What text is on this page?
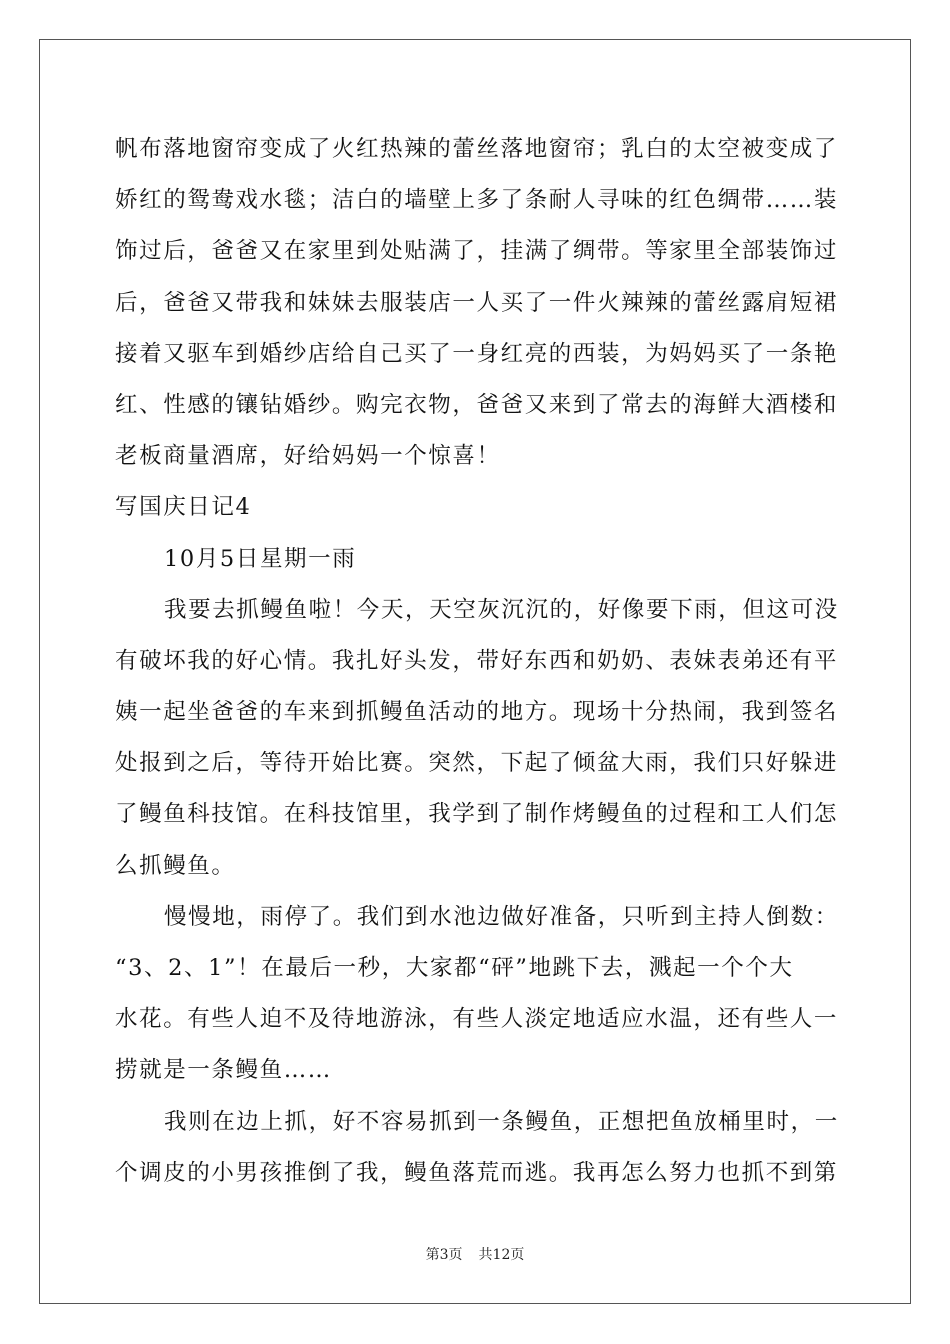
帆布落地窗帘变成了火红热辣的蕾丝落地窗帘；乳白的太空被变成了
娇红的鸳鸯戏水毯；洁白的墙壁上多了条耐人寻味的红色绸带……装
饰过后，爸爸又在家里到处贴满了，挂满了绸带。等家里全部装饰过
后，爸爸又带我和妹妹去服装店一人买了一件火辣辣的蕾丝露肩短裙
接着又驱车到婚纱店给自己买了一身红亮的西装，为妈妈买了一条艳
红、性感的镶钻婚纱。购完衣物，爸爸又来到了常去的海鲜大酒楼和
老板商量酒席，好给妈妈一个惊喜！
写国庆日记4
10月5日星期一雨
我要去抓鳗鱼啦！今天，天空灰沉沉的，好像要下雨，但这可没
有破坏我的好心情。我扎好头发，带好东西和奶奶、表妹表弟还有平
姨一起坐爸爸的车来到抓鳗鱼活动的地方。现场十分热闹，我到签名
处报到之后，等待开始比赛。突然，下起了倾盆大雨，我们只好躲进
了鳗鱼科技馆。在科技馆里，我学到了制作烤鳗鱼的过程和工人们怎
么抓鳗鱼。
慢慢地，雨停了。我们到水池边做好准备，只听到主持人倒数：
“3、2、1”！在最后一秒，大家都“砰”地跳下去，溅起一个个大
水花。有些人迫不及待地游泳，有些人淡定地适应水温，还有些人一
捞就是一条鳗鱼……
我则在边上抓，好不容易抓到一条鳗鱼，正想把鱼放桶里时，一
个调皮的小男孩推倒了我，鳗鱼落荒而逃。我再怎么努力也抓不到第
第3页 共12页
